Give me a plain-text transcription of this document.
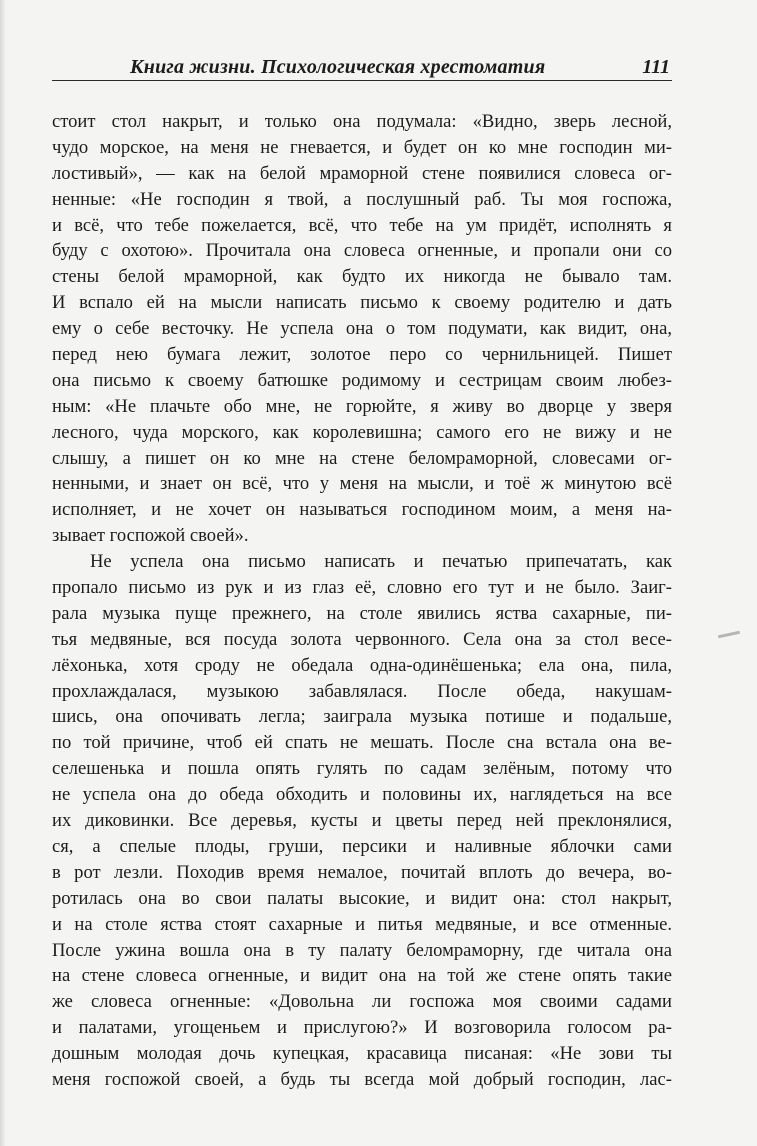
Книга жизни. Психологическая хрестоматия	111
стоит стол накрыт, и только она подумала: «Видно, зверь лесной,
чудо морское, на меня не гневается, и будет он ко мне господин ми-
лостивый», — как на белой мраморной стене появилися словеса ог-
ненные: «Не господин я твой, а послушный раб. Ты моя госпожа,
и всё, что тебе пожелается, всё, что тебе на ум придёт, исполнять я
буду с охотою». Прочитала она словеса огненные, и пропали они со
стены белой мраморной, как будто их никогда не бывало там.
И вспало ей на мысли написать письмо к своему родителю и дать
ему о себе весточку. Не успела она о том подумати, как видит, она,
перед нею бумага лежит, золотое перо со чернильницей. Пишет
она письмо к своему батюшке родимому и сестрицам своим любез-
ным: «Не плачьте обо мне, не горюйте, я живу во дворце у зверя
лесного, чуда морского, как королевишна; самого его не вижу и не
слышу, а пишет он ко мне на стене беломраморной, словесами ог-
ненными, и знает он всё, что у меня на мысли, и тоё ж минутою всё
исполняет, и не хочет он называться господином моим, а меня на-
зывает госпожой своей».
Не успела она письмо написать и печатью припечатать, как
пропало письмо из рук и из глаз её, словно его тут и не было. Заиг-
рала музыка пуще прежнего, на столе явились яства сахарные, пи-
тья медвяные, вся посуда золота червонного. Села она за стол весе-
лёхонька, хотя сроду не обедала одна-одинёшенька; ела она, пила,
прохлаждалася, музыкою забавлялася. После обеда, накушам-
шись, она опочивать легла; заиграла музыка потише и подальше,
по той причине, чтоб ей спать не мешать. После сна встала она ве-
селешенька и пошла опять гулять по садам зелёным, потому что
не успела она до обеда обходить и половины их, наглядеться на все
их диковинки. Все деревья, кусты и цветы перед ней преклонялися,
ся, а спелые плоды, груши, персики и наливные яблочки сами
в рот лезли. Походив время немалое, почитай вплоть до вечера, во-
ротилась она во свои палаты высокие, и видит она: стол накрыт,
и на столе яства стоят сахарные и питья медвяные, и все отменные.
После ужина вошла она в ту палату беломраморну, где читала она
на стене словеса огненные, и видит она на той же стене опять такие
же словеса огненные: «Довольна ли госпожа моя своими садами
и палатами, угощеньем и прислугою?» И возговорила голосом ра-
дошным молодая дочь купецкая, красавица писаная: «Не зови ты
меня госпожой своей, а будь ты всегда мой добрый господин, лас-
